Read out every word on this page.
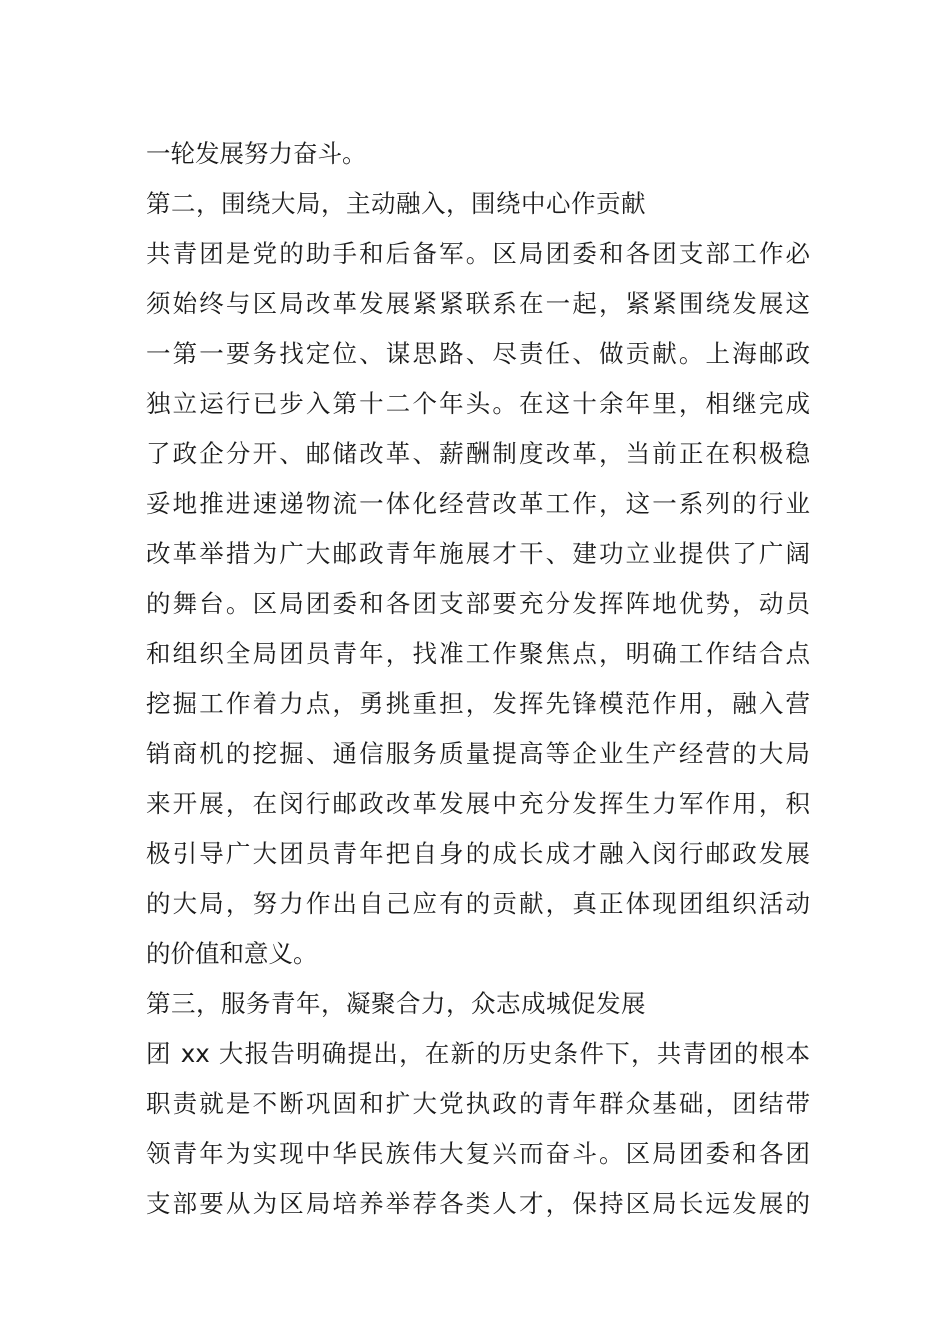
一轮发展努力奋斗。
第二，围绕大局，主动融入，围绕中心作贡献
共青团是党的助手和后备军。区局团委和各团支部工作必
须始终与区局改革发展紧紧联系在一起，紧紧围绕发展这
一第一要务找定位、谋思路、尽责任、做贡献。上海邮政
独立运行已步入第十二个年头。在这十余年里，相继完成
了政企分开、邮储改革、薪酬制度改革，当前正在积极稳
妥地推进速递物流一体化经营改革工作，这一系列的行业
改革举措为广大邮政青年施展才干、建功立业提供了广阔
的舞台。区局团委和各团支部要充分发挥阵地优势，动员
和组织全局团员青年，找准工作聚焦点，明确工作结合点
挖掘工作着力点，勇挑重担，发挥先锋模范作用，融入营
销商机的挖掘、通信服务质量提高等企业生产经营的大局
来开展，在闵行邮政改革发展中充分发挥生力军作用，积
极引导广大团员青年把自身的成长成才融入闵行邮政发展
的大局，努力作出自己应有的贡献，真正体现团组织活动
的价值和意义。
第三，服务青年，凝聚合力，众志成城促发展
团 xx 大报告明确提出，在新的历史条件下，共青团的根本
职责就是不断巩固和扩大党执政的青年群众基础，团结带
领青年为实现中华民族伟大复兴而奋斗。区局团委和各团
支部要从为区局培养举荐各类人才，保持区局长远发展的
